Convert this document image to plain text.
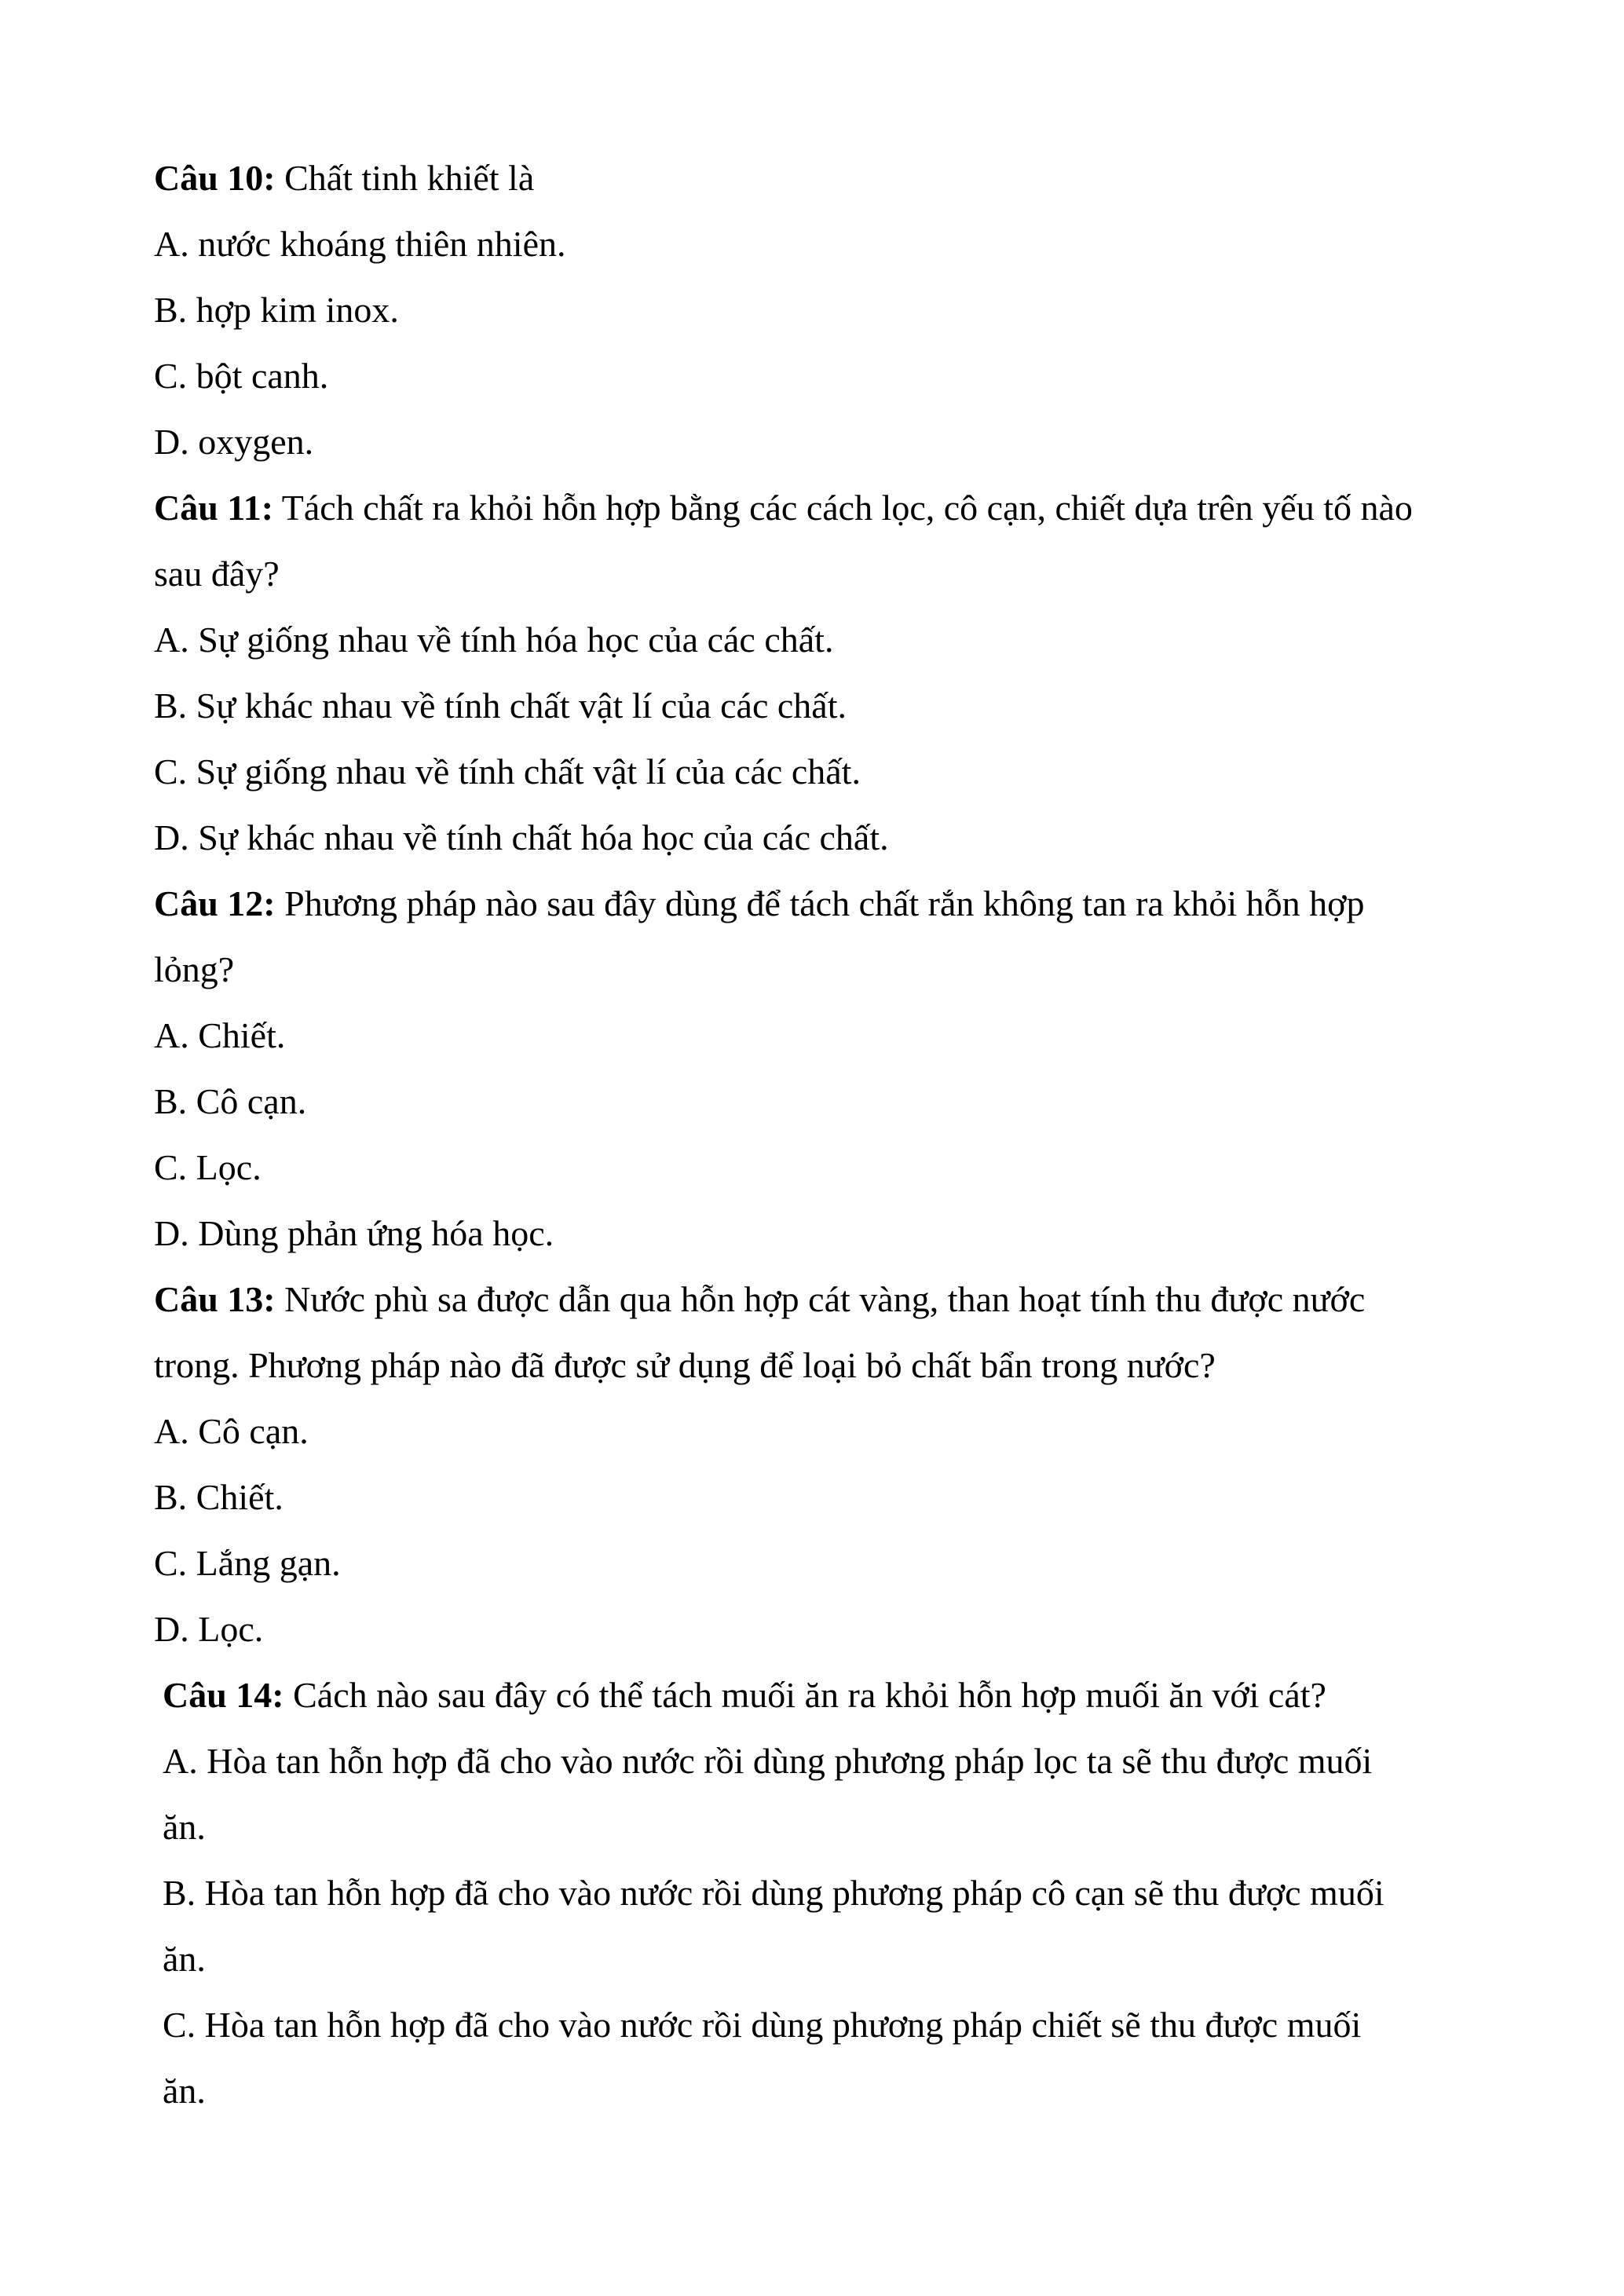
Câu 10: Chất tinh khiết là
A. nước khoáng thiên nhiên.
B. hợp kim inox.
C. bột canh.
D. oxygen.
Câu 11: Tách chất ra khỏi hỗn hợp bằng các cách lọc, cô cạn, chiết dựa trên yếu tố nào
sau đây?
A. Sự giống nhau về tính hóa học của các chất.
B. Sự khác nhau về tính chất vật lí của các chất.
C. Sự giống nhau về tính chất vật lí của các chất.
D. Sự khác nhau về tính chất hóa học của các chất.
Câu 12: Phương pháp nào sau đây dùng để tách chất rắn không tan ra khỏi hỗn hợp
lỏng?
A. Chiết.
B. Cô cạn.
C. Lọc.
D. Dùng phản ứng hóa học.
Câu 13: Nước phù sa được dẫn qua hỗn hợp cát vàng, than hoạt tính thu được nước
trong. Phương pháp nào đã được sử dụng để loại bỏ chất bẩn trong nước?
A. Cô cạn.
B. Chiết.
C. Lắng gạn.
D. Lọc.
Câu 14: Cách nào sau đây có thể tách muối ăn ra khỏi hỗn hợp muối ăn với cát?
A. Hòa tan hỗn hợp đã cho vào nước rồi dùng phương pháp lọc ta sẽ thu được muối
ăn.
B. Hòa tan hỗn hợp đã cho vào nước rồi dùng phương pháp cô cạn sẽ thu được muối
ăn.
C. Hòa tan hỗn hợp đã cho vào nước rồi dùng phương pháp chiết sẽ thu được muối
ăn.
